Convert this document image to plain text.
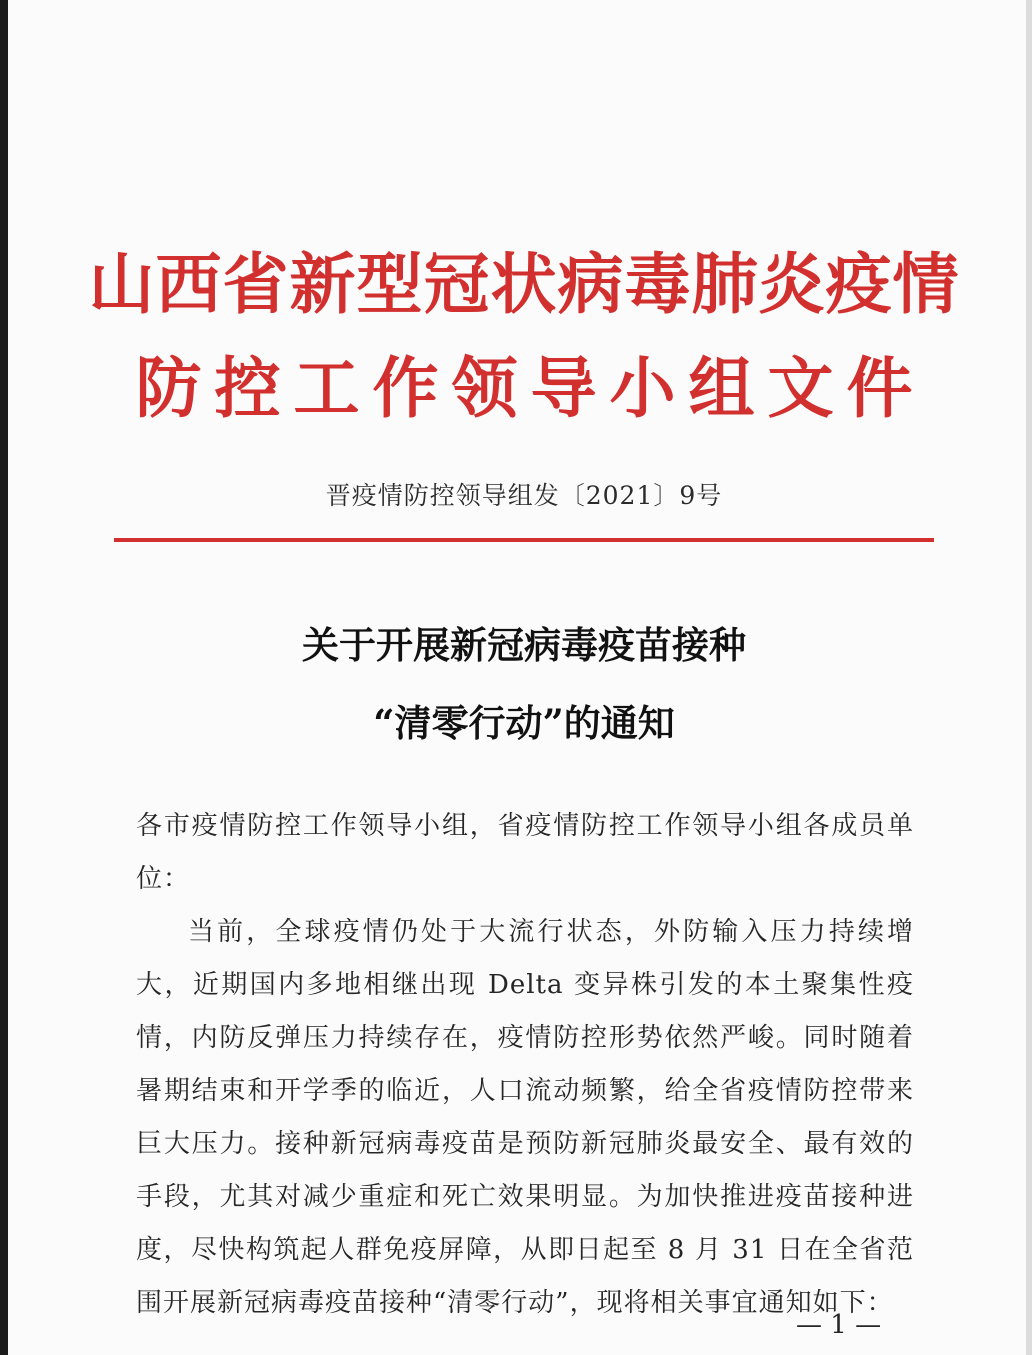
山西省新型冠状病毒肺炎疫情
防控工作领导小组文件
晋疫情防控领导组发〔2021〕9号
关于开展新冠病毒疫苗接种
“清零行动”的通知

各市疫情防控工作领导小组，省疫情防控工作领导小组各成员单位：

当前，全球疫情仍处于大流行状态，外防输入压力持续增大，近期国内多地相继出现 Delta 变异株引发的本土聚集性疫情，内防反弹压力持续存在，疫情防控形势依然严峻。同时随着暑期结束和开学季的临近，人口流动频繁，给全省疫情防控带来巨大压力。接种新冠病毒疫苗是预防新冠肺炎最安全、最有效的手段，尤其对减少重症和死亡效果明显。为加快推进疫苗接种进度，尽快构筑起人群免疫屏障，从即日起至 8 月 31 日在全省范围开展新冠病毒疫苗接种“清零行动”，现将相关事宜通知如下：

— 1 —
